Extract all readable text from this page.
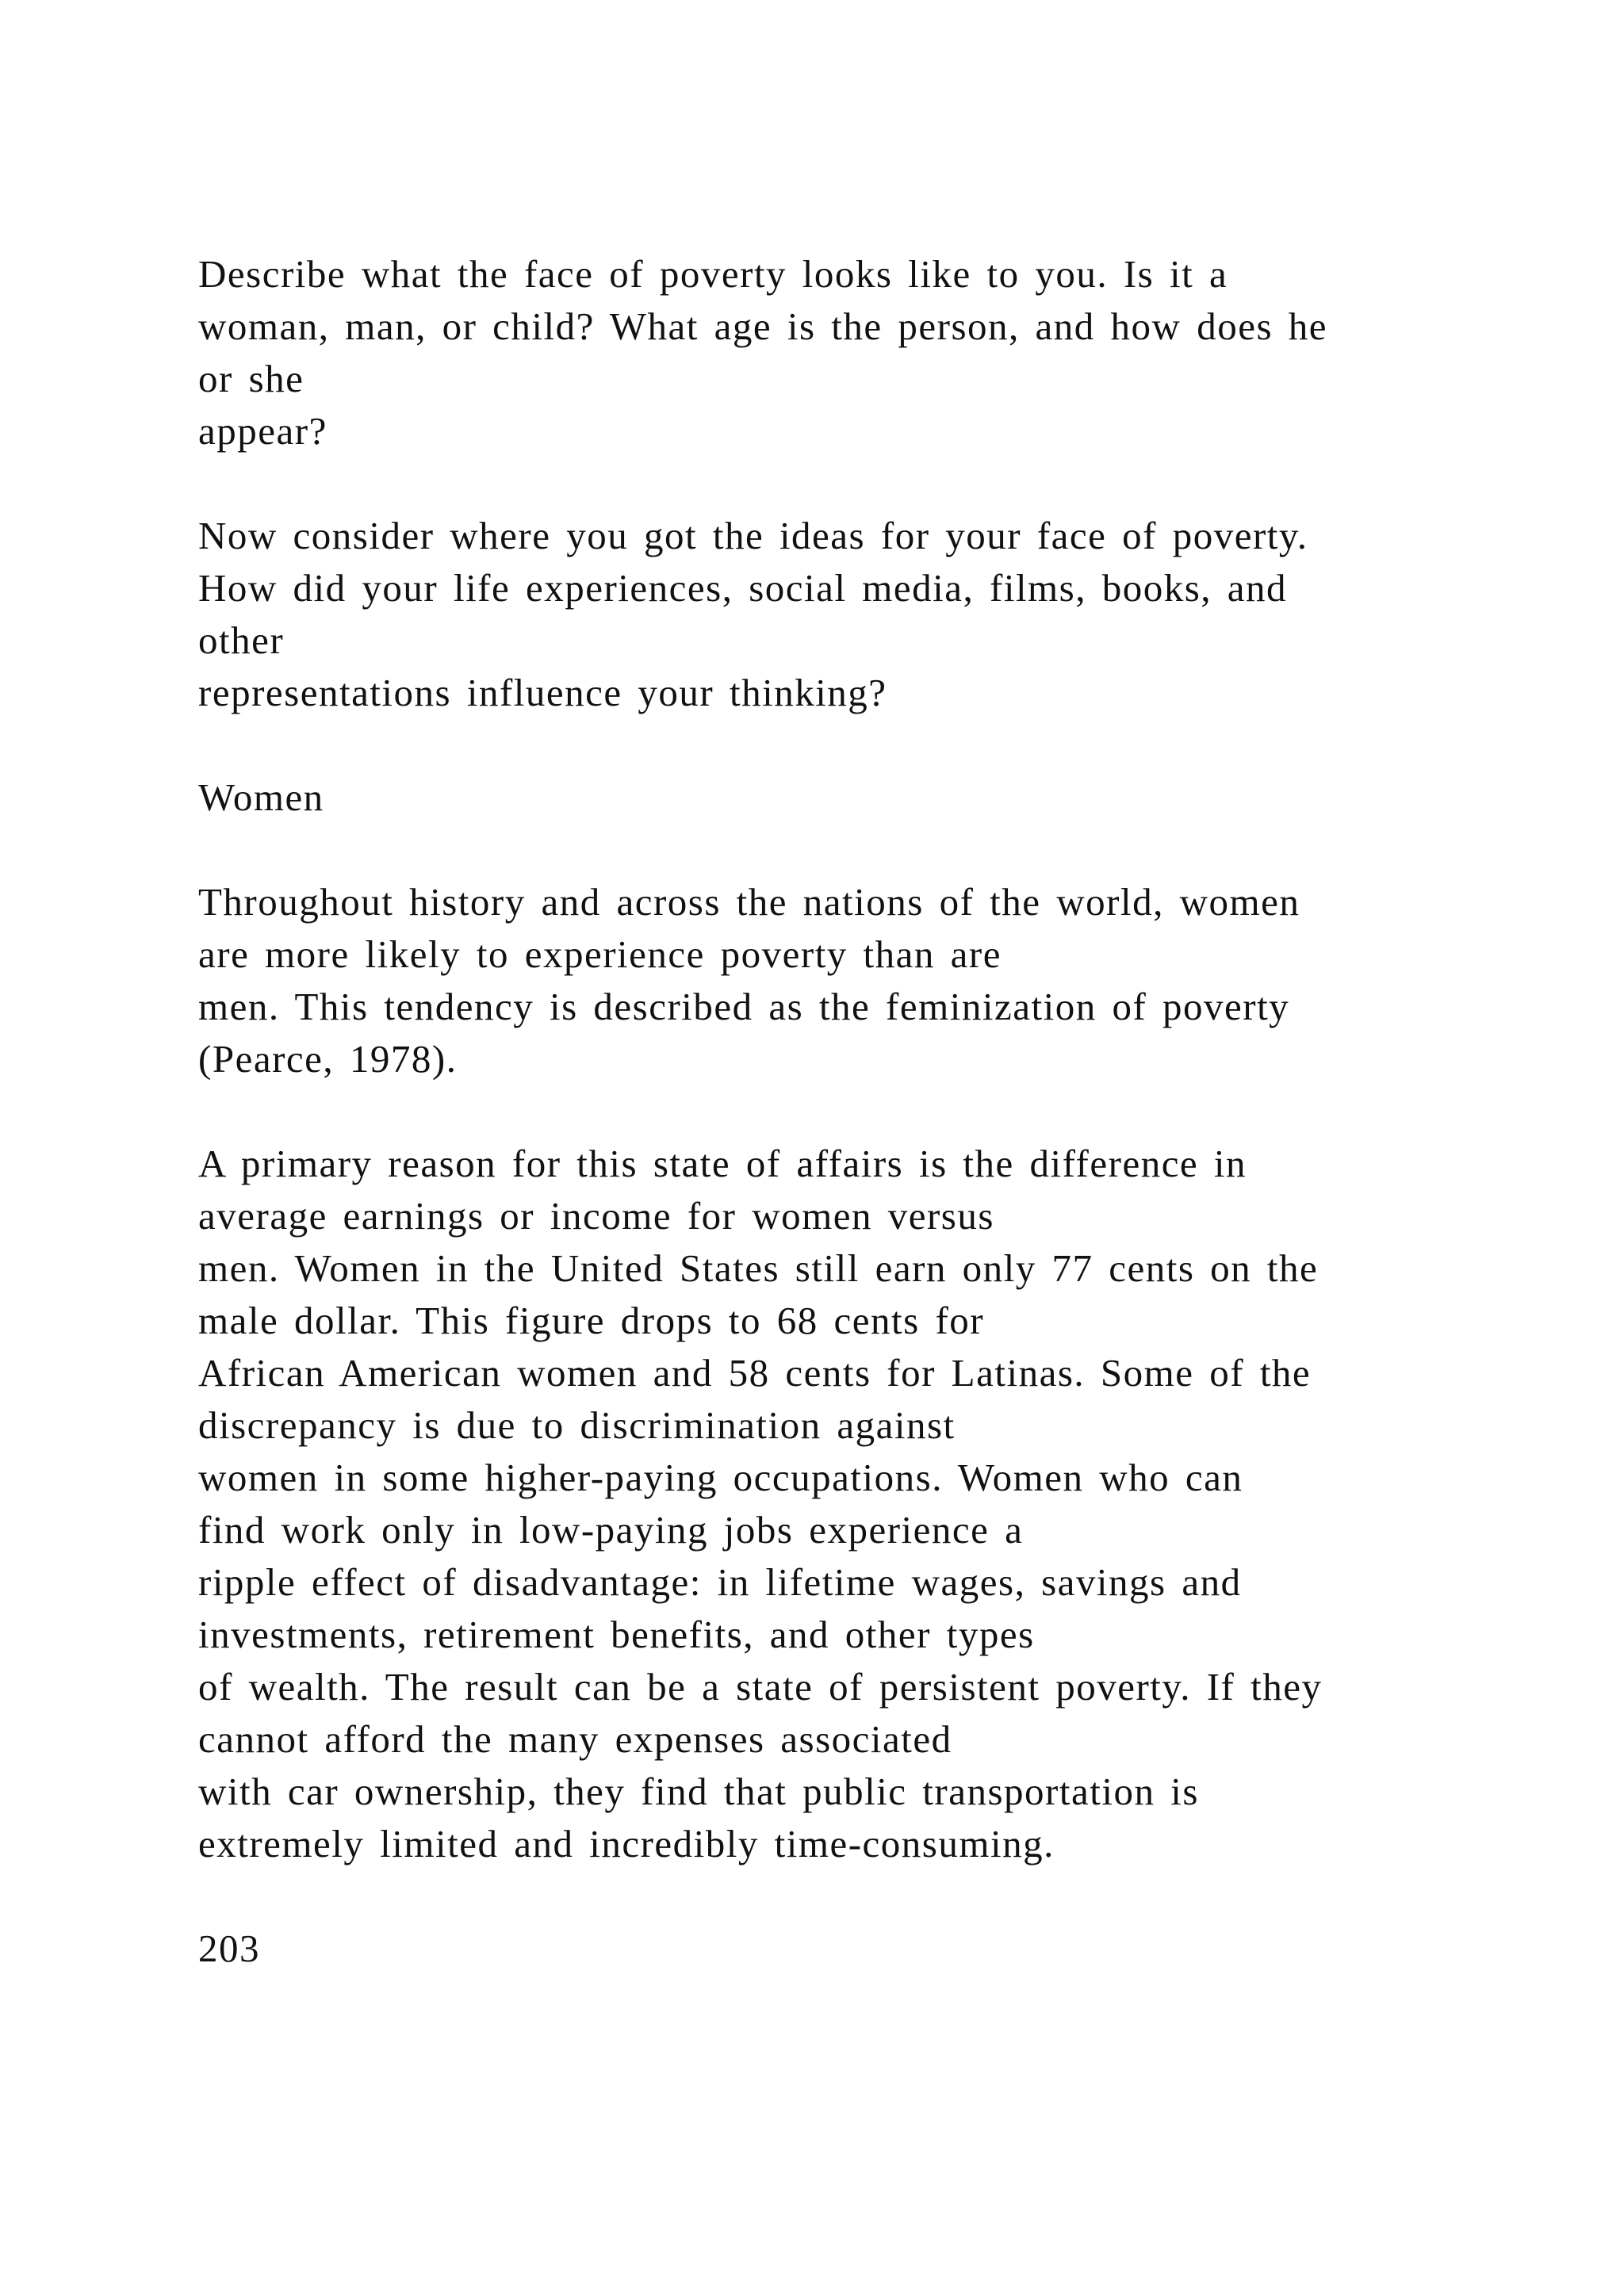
Describe what the face of poverty looks like to you. Is it a

woman, man, or child? What age is the person, and how does he

or she

appear?

Now consider where you got the ideas for your face of poverty.

How did your life experiences, social media, films, books, and

other

representations influence your thinking?

Women

Throughout history and across the nations of the world, women

are more likely to experience poverty than are

men. This tendency is described as the feminization of poverty

(Pearce, 1978).

A primary reason for this state of affairs is the difference in

average earnings or income for women versus

men. Women in the United States still earn only 77 cents on the

male dollar. This figure drops to 68 cents for

African American women and 58 cents for Latinas. Some of the

discrepancy is due to discrimination against

women in some higher-paying occupations. Women who can

find work only in low-paying jobs experience a

ripple effect of disadvantage: in lifetime wages, savings and

investments, retirement benefits, and other types

of wealth. The result can be a state of persistent poverty. If they

cannot afford the many expenses associated

with car ownership, they find that public transportation is

extremely limited and incredibly time-consuming.

203
